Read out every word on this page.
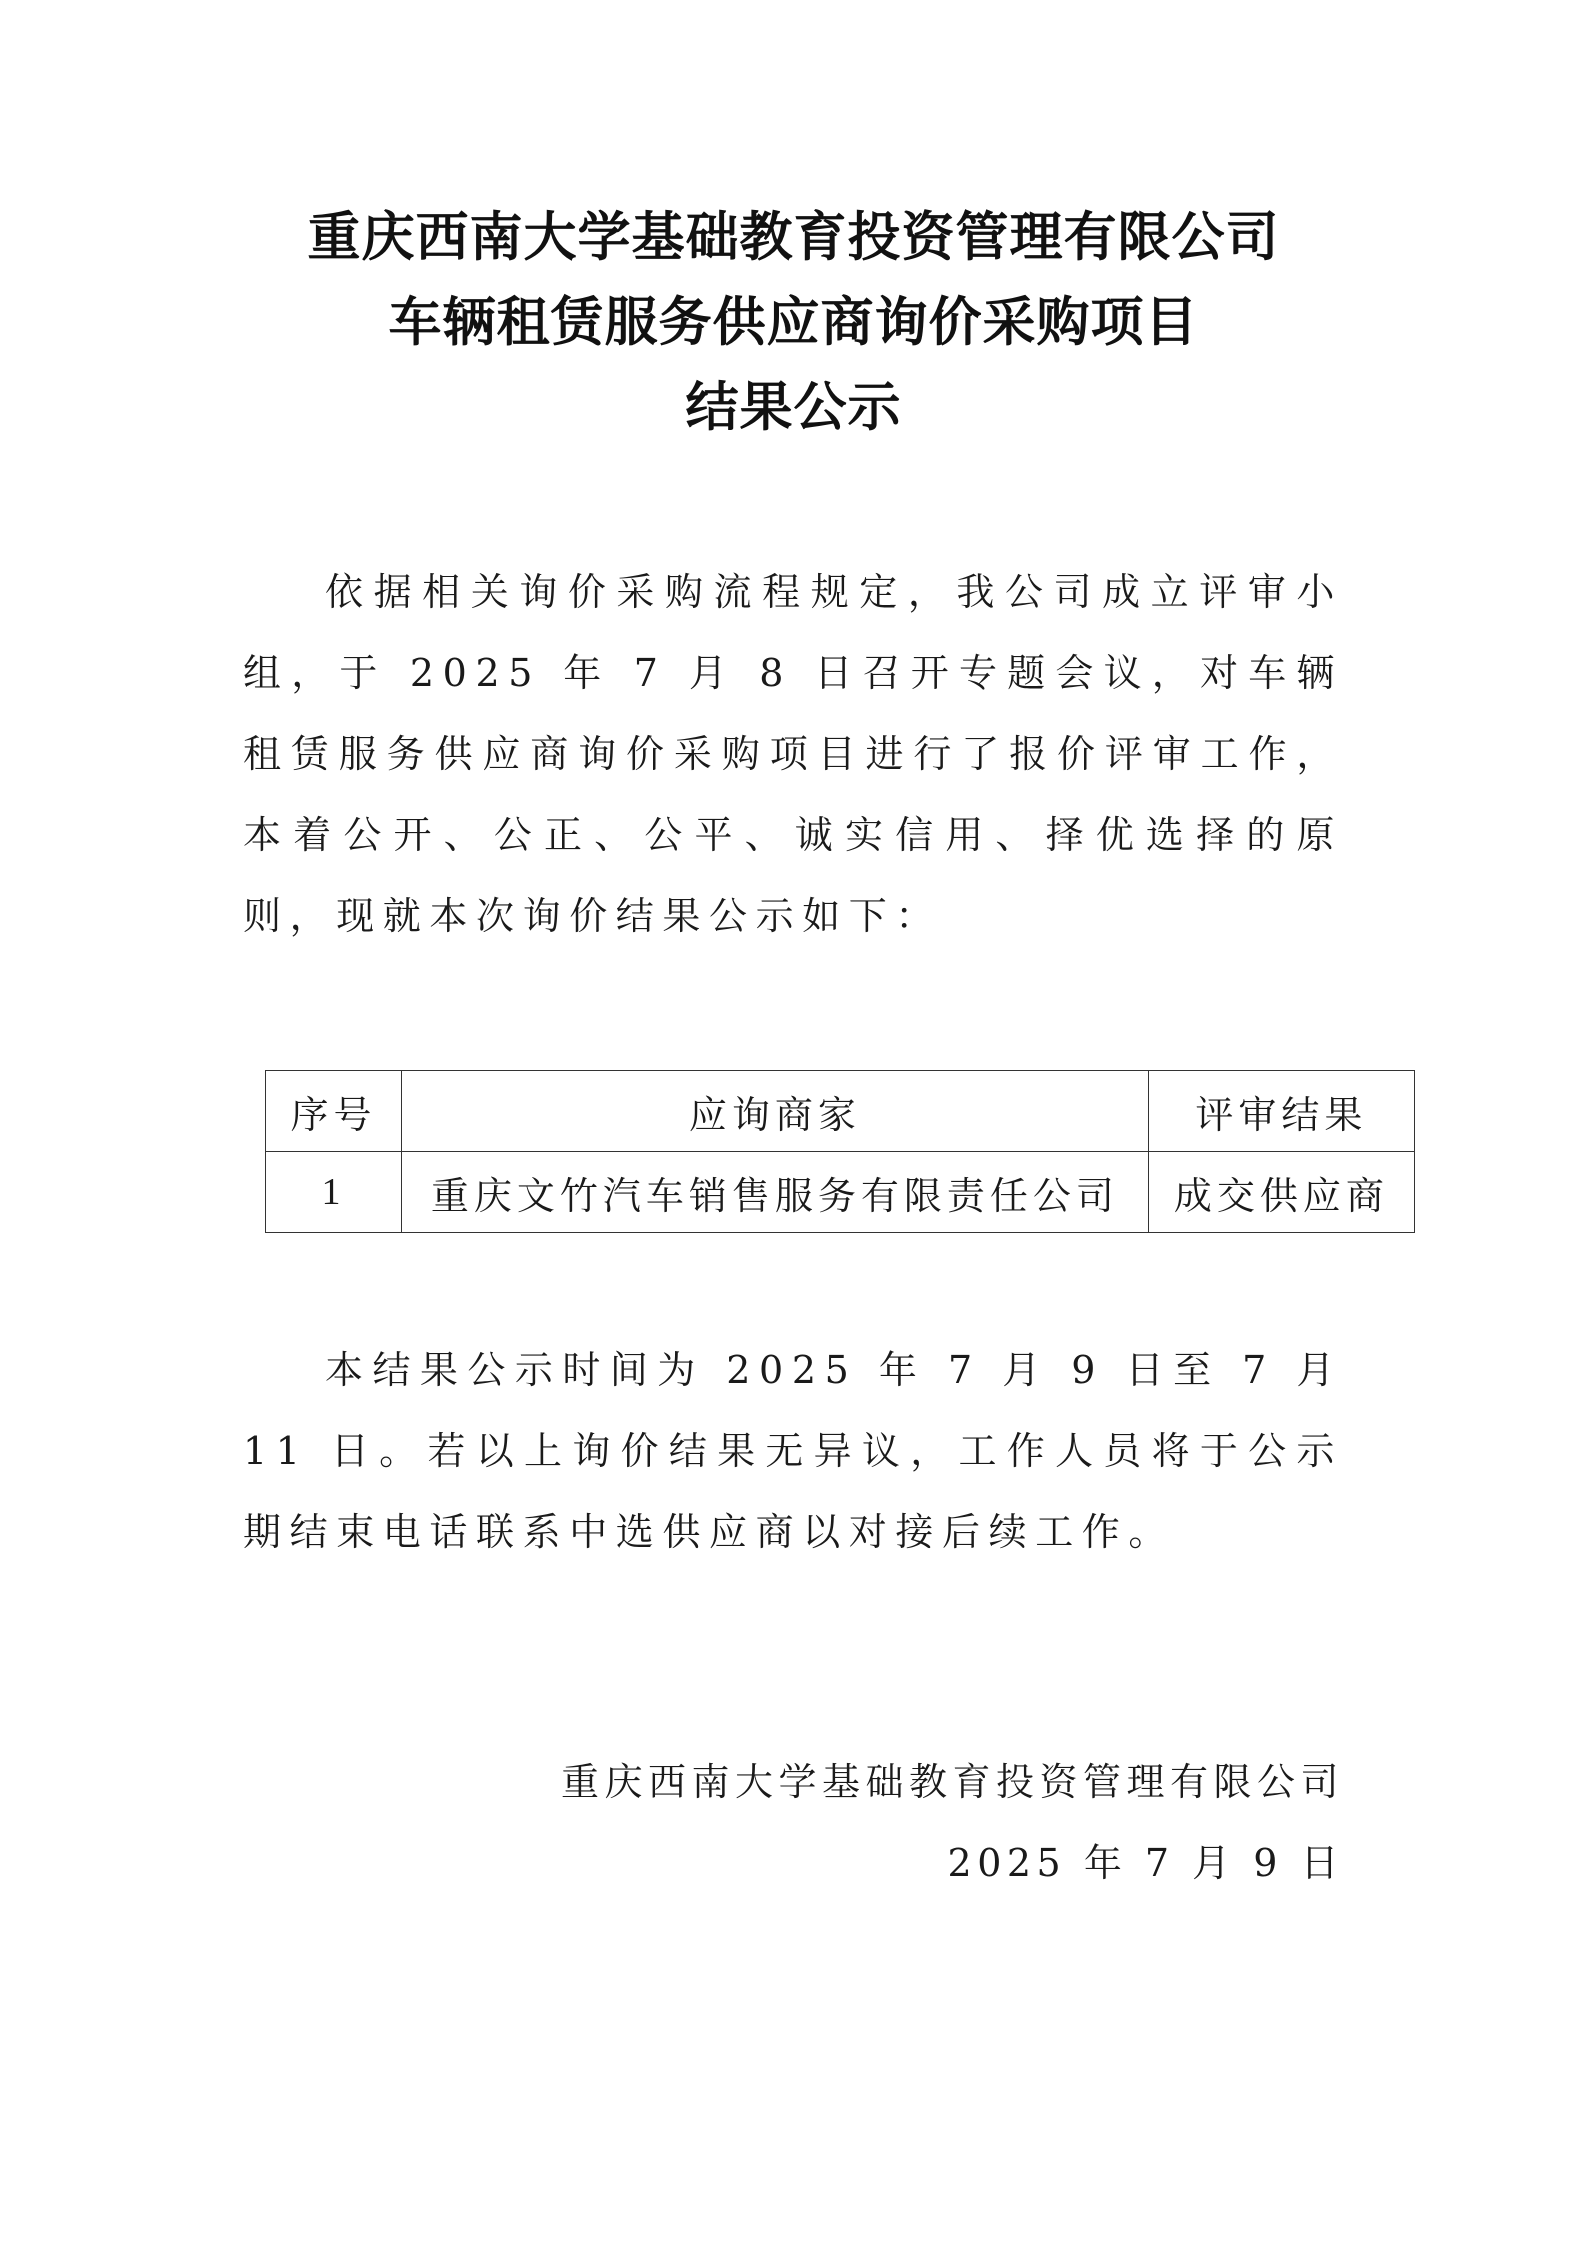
重庆西南大学基础教育投资管理有限公司
车辆租赁服务供应商询价采购项目
结果公示

依据相关询价采购流程规定，我公司成立评审小组，于 2025 年 7 月 8 日召开专题会议，对车辆租赁服务供应商询价采购项目进行了报价评审工作，本着公开、公正、公平、诚实信用、择优选择的原则，现就本次询价结果公示如下：

序号	应询商家	评审结果
1	重庆文竹汽车销售服务有限责任公司	成交供应商

本结果公示时间为 2025 年 7 月 9 日至 7 月 11 日。若以上询价结果无异议，工作人员将于公示期结束电话联系中选供应商以对接后续工作。

重庆西南大学基础教育投资管理有限公司
2025 年 7 月 9 日
